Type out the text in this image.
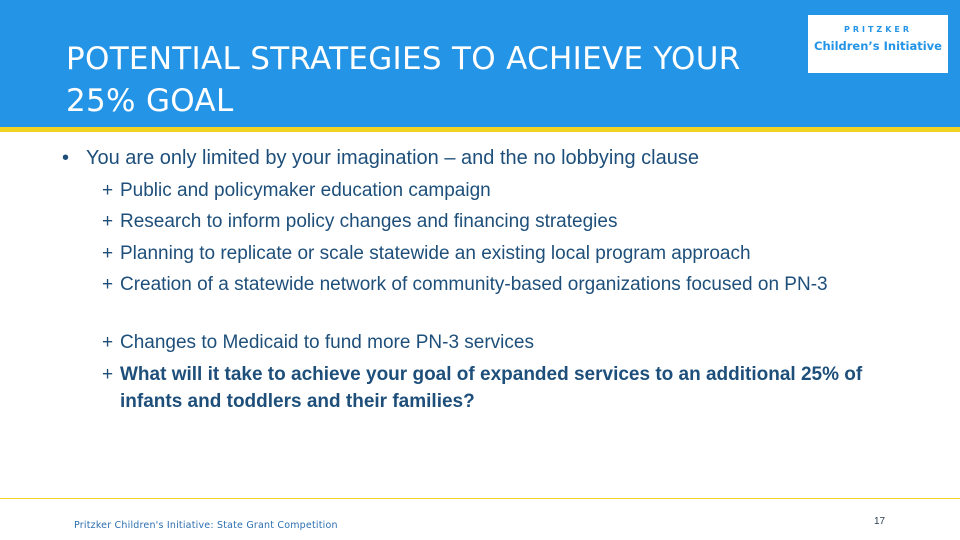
POTENTIAL STRATEGIES TO ACHIEVE YOUR
25% GOAL
PRITZKER
Children’s Initiative
• You are only limited by your imagination – and the no lobbying clause
+ Public and policymaker education campaign
+ Research to inform policy changes and financing strategies
+ Planning to replicate or scale statewide an existing local program approach
+ Creation of a statewide network of community-based organizations focused on PN-3
+ Changes to Medicaid to fund more PN-3 services
+ What will it take to achieve your goal of expanded services to an additional 25% of infants and toddlers and their families?
Pritzker Children's Initiative: State Grant Competition	17
